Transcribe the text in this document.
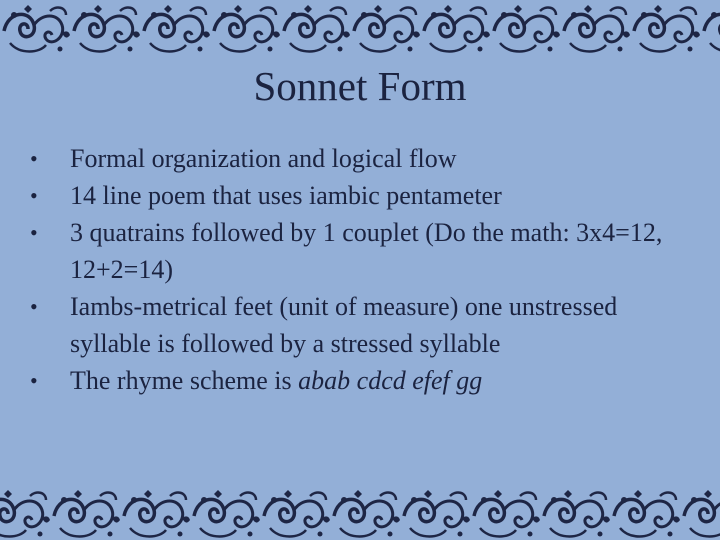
Sonnet Form
• Formal organization and logical flow
• 14 line poem that uses iambic pentameter
• 3 quatrains followed by 1 couplet (Do the math: 3x4=12, 12+2=14)
• Iambs-metrical feet (unit of measure) one unstressed syllable is followed by a stressed syllable
• The rhyme scheme is abab cdcd efef gg
